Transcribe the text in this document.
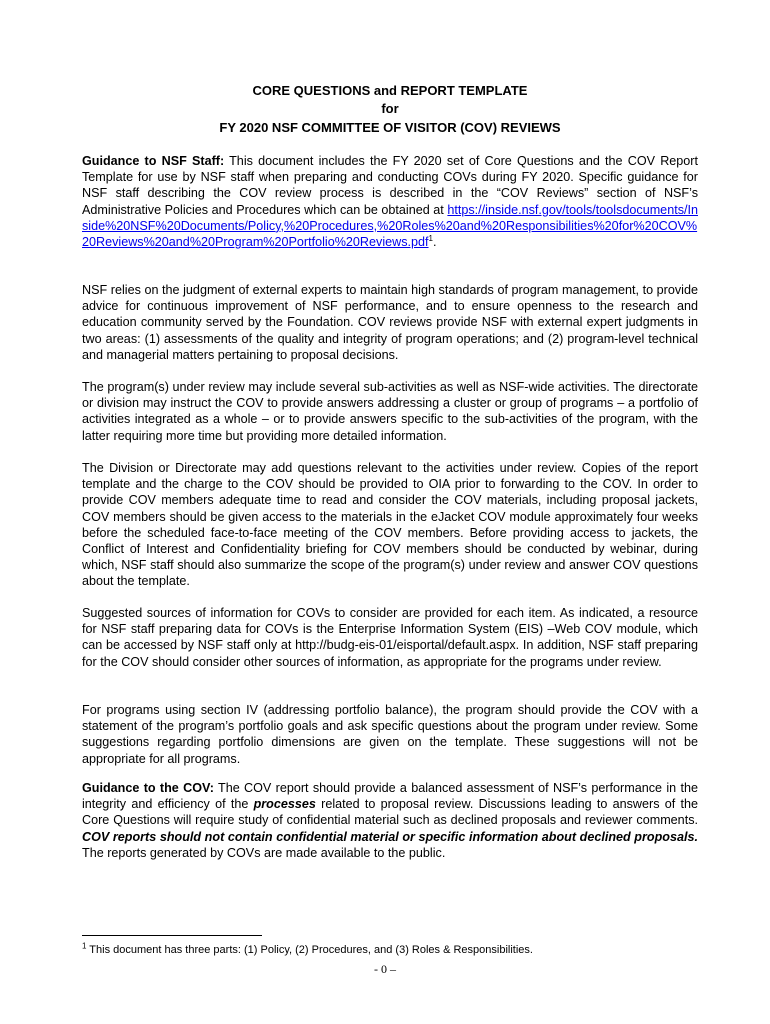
CORE QUESTIONS and REPORT TEMPLATE
for
FY 2020 NSF COMMITTEE OF VISITOR (COV) REVIEWS
Guidance to NSF Staff: This document includes the FY 2020 set of Core Questions and the COV Report Template for use by NSF staff when preparing and conducting COVs during FY 2020. Specific guidance for NSF staff describing the COV review process is described in the “COV Reviews” section of NSF’s Administrative Policies and Procedures which can be obtained at https://inside.nsf.gov/tools/toolsdocuments/Inside%20NSF%20Documents/Policy,%20Procedures,%20Roles%20and%20Responsibilities%20for%20COV%20Reviews%20and%20Program%20Portfolio%20Reviews.pdf$^1$.
NSF relies on the judgment of external experts to maintain high standards of program management, to provide advice for continuous improvement of NSF performance, and to ensure openness to the research and education community served by the Foundation. COV reviews provide NSF with external expert judgments in two areas: (1) assessments of the quality and integrity of program operations; and (2) program-level technical and managerial matters pertaining to proposal decisions.
The program(s) under review may include several sub-activities as well as NSF-wide activities. The directorate or division may instruct the COV to provide answers addressing a cluster or group of programs – a portfolio of activities integrated as a whole – or to provide answers specific to the sub-activities of the program, with the latter requiring more time but providing more detailed information.
The Division or Directorate may add questions relevant to the activities under review. Copies of the report template and the charge to the COV should be provided to OIA prior to forwarding to the COV. In order to provide COV members adequate time to read and consider the COV materials, including proposal jackets, COV members should be given access to the materials in the eJacket COV module approximately four weeks before the scheduled face-to-face meeting of the COV members. Before providing access to jackets, the Conflict of Interest and Confidentiality briefing for COV members should be conducted by webinar, during which, NSF staff should also summarize the scope of the program(s) under review and answer COV questions about the template.
Suggested sources of information for COVs to consider are provided for each item. As indicated, a resource for NSF staff preparing data for COVs is the Enterprise Information System (EIS) –Web COV module, which can be accessed by NSF staff only at http://budg-eis-01/eisportal/default.aspx. In addition, NSF staff preparing for the COV should consider other sources of information, as appropriate for the programs under review.
For programs using section IV (addressing portfolio balance), the program should provide the COV with a statement of the program’s portfolio goals and ask specific questions about the program under review. Some suggestions regarding portfolio dimensions are given on the template. These suggestions will not be appropriate for all programs.
Guidance to the COV: The COV report should provide a balanced assessment of NSF’s performance in the integrity and efficiency of the processes related to proposal review. Discussions leading to answers of the Core Questions will require study of confidential material such as declined proposals and reviewer comments. COV reports should not contain confidential material or specific information about declined proposals. The reports generated by COVs are made available to the public.
$^1$ This document has three parts: (1) Policy, (2) Procedures, and (3) Roles & Responsibilities.
- 0 –
